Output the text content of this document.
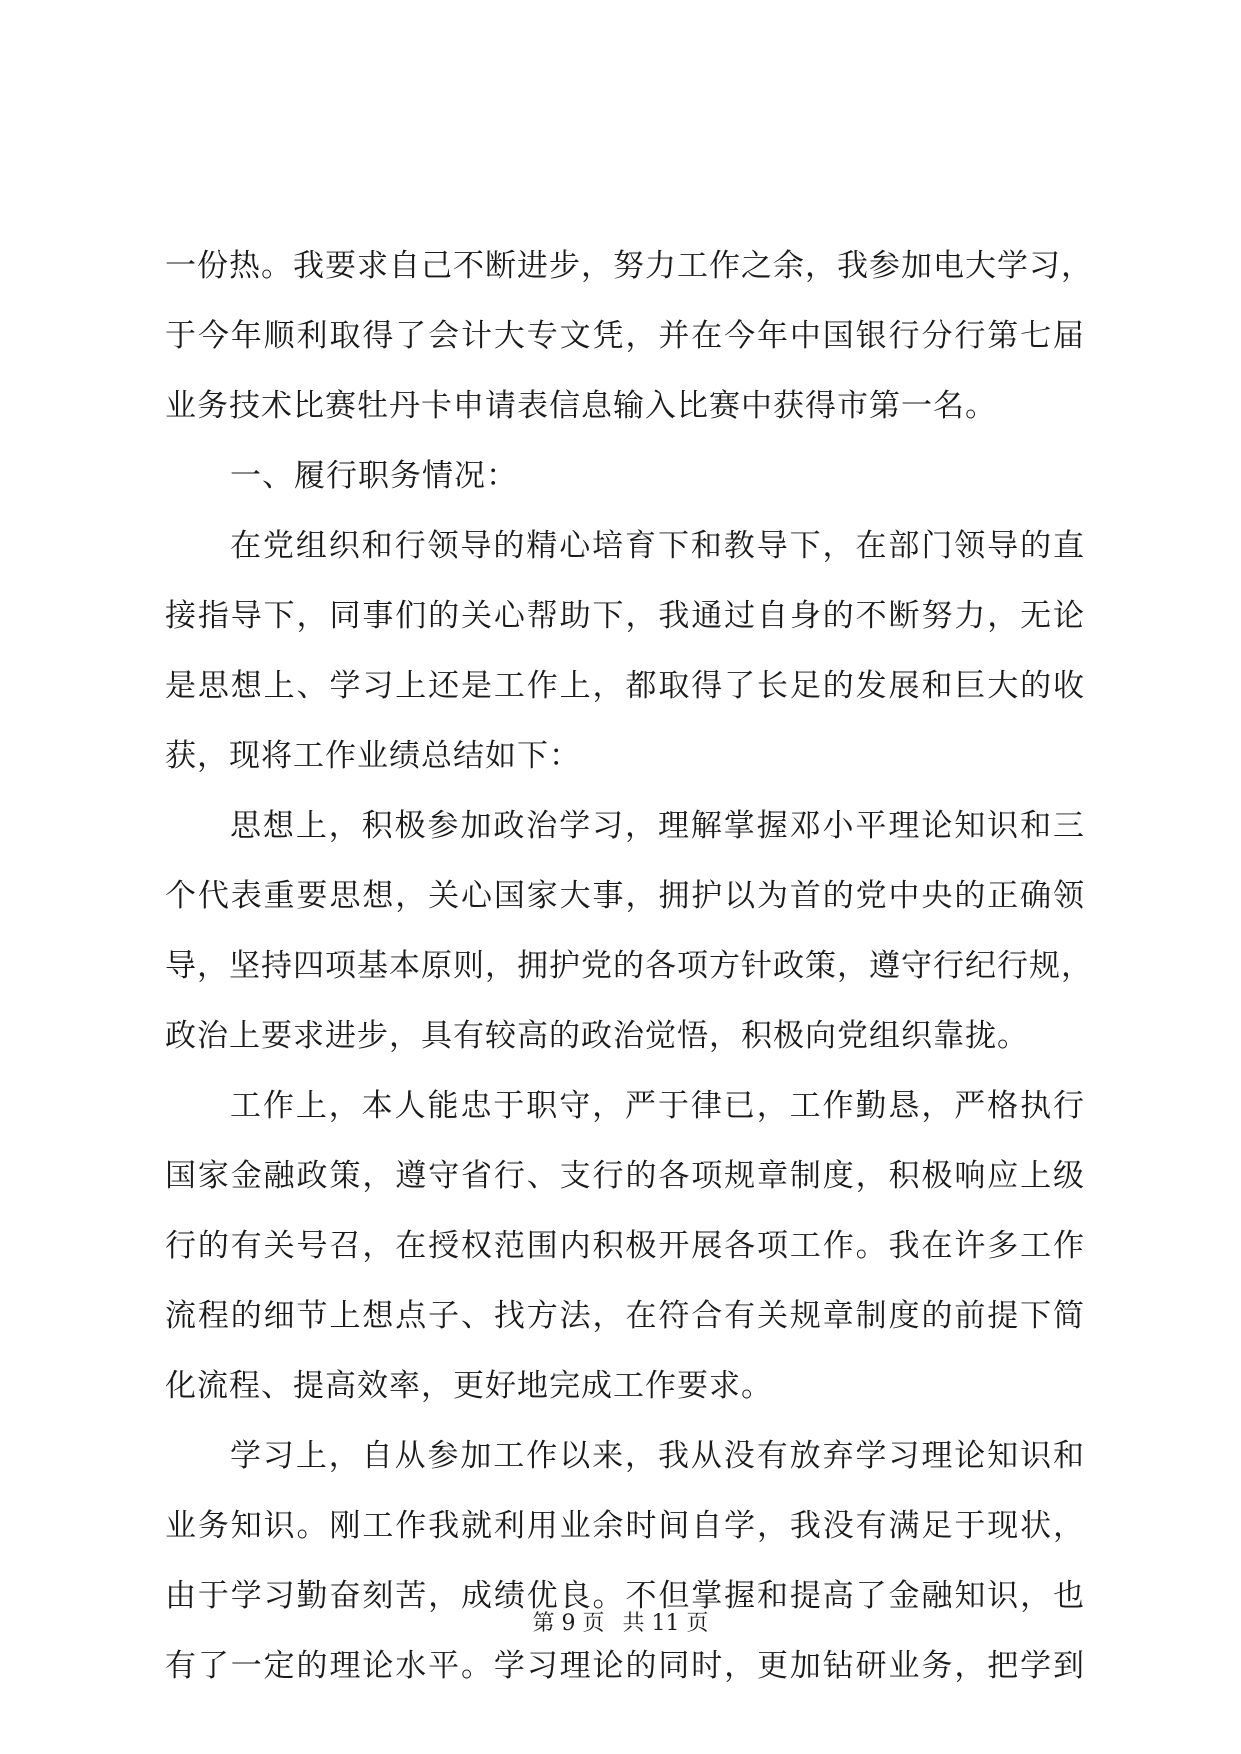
一份热。我要求自己不断进步，努力工作之余，我参加电大学习，
于今年顺利取得了会计大专文凭，并在今年中国银行分行第七届
业务技术比赛牡丹卡申请表信息输入比赛中获得市第一名。
一、履行职务情况：
在党组织和行领导的精心培育下和教导下，在部门领导的直
接指导下，同事们的关心帮助下，我通过自身的不断努力，无论
是思想上、学习上还是工作上，都取得了长足的发展和巨大的收
获，现将工作业绩总结如下：
思想上，积极参加政治学习，理解掌握邓小平理论知识和三
个代表重要思想，关心国家大事，拥护以为首的党中央的正确领
导，坚持四项基本原则，拥护党的各项方针政策，遵守行纪行规，
政治上要求进步，具有较高的政治觉悟，积极向党组织靠拢。
工作上，本人能忠于职守，严于律已，工作勤恳，严格执行
国家金融政策，遵守省行、支行的各项规章制度，积极响应上级
行的有关号召，在授权范围内积极开展各项工作。我在许多工作
流程的细节上想点子、找方法，在符合有关规章制度的前提下简
化流程、提高效率，更好地完成工作要求。
学习上，自从参加工作以来，我从没有放弃学习理论知识和
业务知识。刚工作我就利用业余时间自学，我没有满足于现状，
由于学习勤奋刻苦，成绩优良。不但掌握和提高了金融知识，也
有了一定的理论水平。学习理论的同时，更加钻研业务，把学到
第 9 页 共 11 页
